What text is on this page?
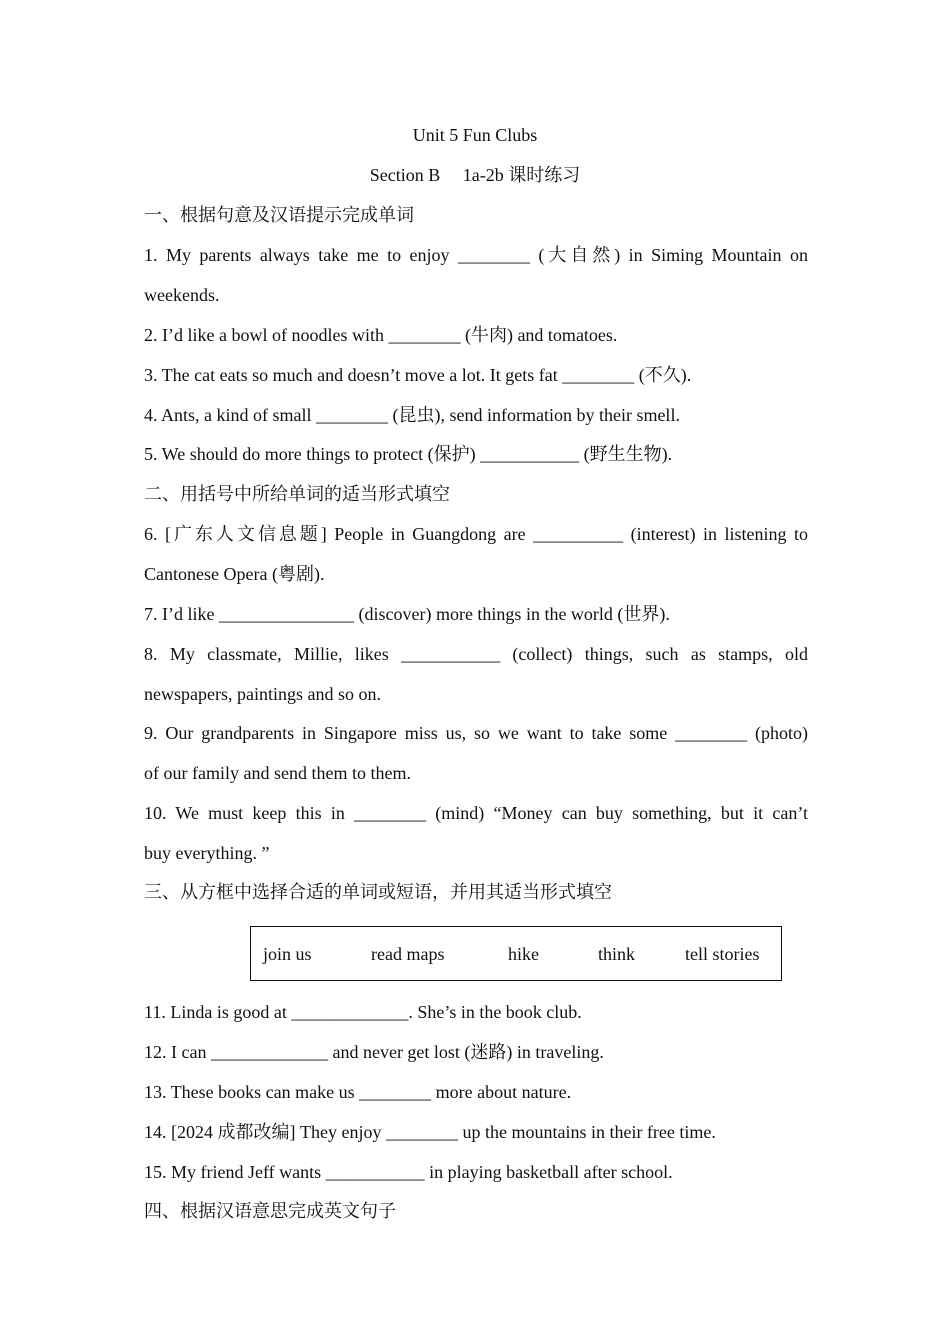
Unit 5 Fun Clubs
Section B　 1a-2b 课时练习
一、根据句意及汉语提示完成单词
1. My parents always take me to enjoy ________ (大自然) in Siming Mountain on
weekends.
2. I’d like a bowl of noodles with ________ (牛肉) and tomatoes.
3. The cat eats so much and doesn’t move a lot. It gets fat ________ (不久).
4. Ants, a kind of small ________ (昆虫), send information by their smell.
5. We should do more things to protect (保护) ___________ (野生生物).
二、用括号中所给单词的适当形式填空
6. [广东人文信息题] People in Guangdong are __________ (interest) in listening to
Cantonese Opera (粤剧).
7. I’d like _______________ (discover) more things in the world (世界).
8. My classmate, Millie, likes ___________ (collect) things, such as stamps, old
newspapers, paintings and so on.
9. Our grandparents in Singapore miss us, so we want to take some ________ (photo)
of our family and send them to them.
10. We must keep this in ________ (mind) “Money can buy something, but it can’t
buy everything. ”
三、从方框中选择合适的单词或短语，并用其适当形式填空
join us	read maps	hike	think	tell stories
11. Linda is good at _____________. She’s in the book club.
12. I can _____________ and never get lost (迷路) in traveling.
13. These books can make us ________ more about nature.
14. [2024 成都改编] They enjoy ________ up the mountains in their free time.
15. My friend Jeff wants ___________ in playing basketball after school.
四、根据汉语意思完成英文句子
